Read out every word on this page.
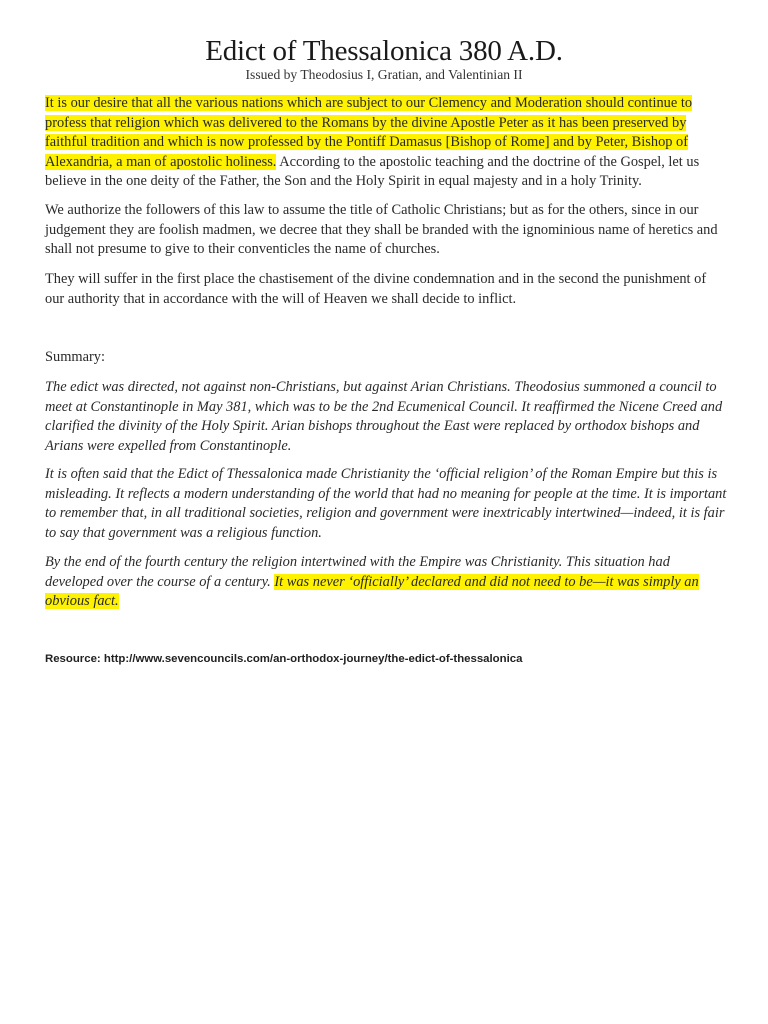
Edict of Thessalonica 380 A.D.
Issued by Theodosius I, Gratian, and Valentinian II

It is our desire that all the various nations which are subject to our Clemency and Moderation should continue to profess that religion which was delivered to the Romans by the divine Apostle Peter as it has been preserved by faithful tradition and which is now professed by the Pontiff Damasus [Bishop of Rome] and by Peter, Bishop of Alexandria, a man of apostolic holiness. According to the apostolic teaching and the doctrine of the Gospel, let us believe in the one deity of the Father, the Son and the Holy Spirit in equal majesty and in a holy Trinity.

We authorize the followers of this law to assume the title of Catholic Christians; but as for the others, since in our judgement they are foolish madmen, we decree that they shall be branded with the ignominious name of heretics and shall not presume to give to their conventicles the name of churches.

They will suffer in the first place the chastisement of the divine condemnation and in the second the punishment of our authority that in accordance with the will of Heaven we shall decide to inflict.

Summary:

The edict was directed, not against non-Christians, but against Arian Christians. Theodosius summoned a council to meet at Constantinople in May 381, which was to be the 2nd Ecumenical Council. It reaffirmed the Nicene Creed and clarified the divinity of the Holy Spirit. Arian bishops throughout the East were replaced by orthodox bishops and Arians were expelled from Constantinople.

It is often said that the Edict of Thessalonica made Christianity the ‘official religion’ of the Roman Empire but this is misleading. It reflects a modern understanding of the world that had no meaning for people at the time. It is important to remember that, in all traditional societies, religion and government were inextricably intertwined—indeed, it is fair to say that government was a religious function.

By the end of the fourth century the religion intertwined with the Empire was Christianity. This situation had developed over the course of a century. It was never ‘officially’ declared and did not need to be—it was simply an obvious fact.

Resource: http://www.sevencouncils.com/an-orthodox-journey/the-edict-of-thessalonica
